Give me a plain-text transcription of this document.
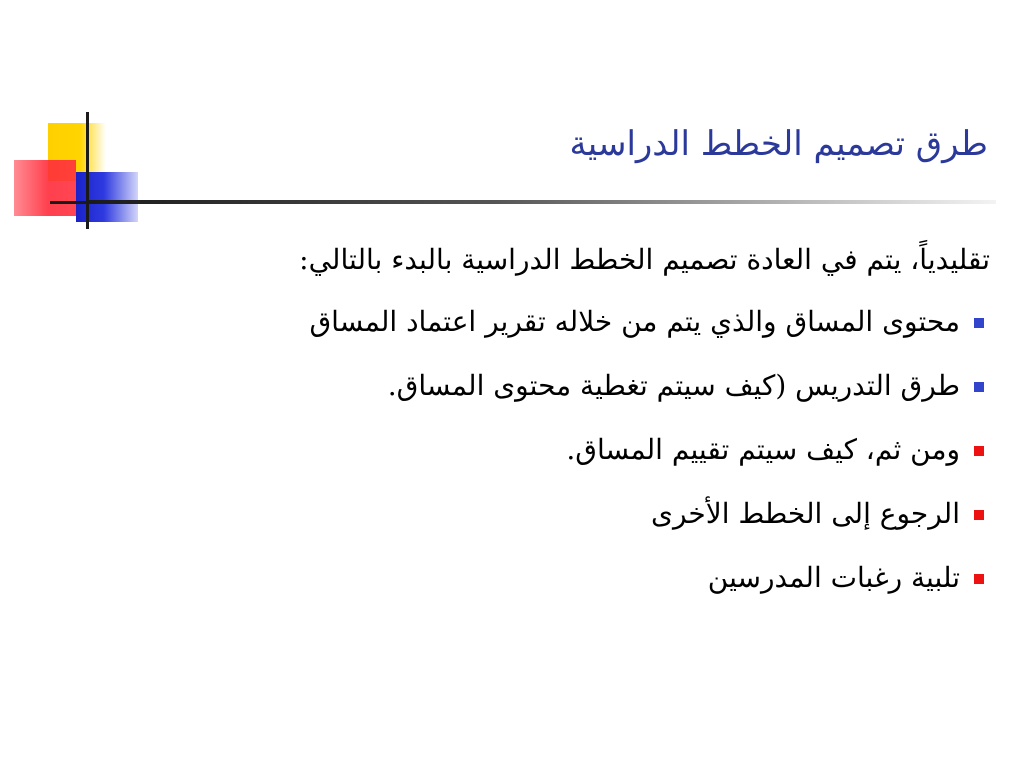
طرق تصميم الخطط الدراسية

تقليدياً، يتم في العادة تصميم الخطط الدراسية بالبدء بالتالي:

محتوى المساق والذي يتم من خلاله تقرير اعتماد المساق
طرق التدريس (كيف سيتم تغطية محتوى المساق.
ومن ثم، كيف سيتم تقييم المساق.
الرجوع إلى الخطط الأخرى
تلبية رغبات المدرسين
